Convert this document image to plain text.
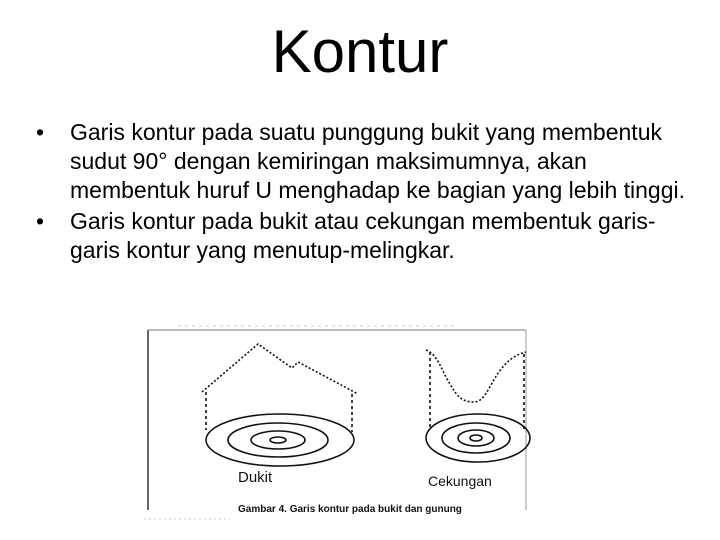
Kontur
•	Garis kontur pada suatu punggung bukit yang membentuk sudut 90° dengan kemiringan maksimumnya, akan membentuk huruf U menghadap ke bagian yang lebih tinggi.
•	Garis kontur pada bukit atau cekungan membentuk garis-garis kontur yang menutup-melingkar.
Dukit	Cekungan
Gambar 4. Garis kontur pada bukit dan gunung
